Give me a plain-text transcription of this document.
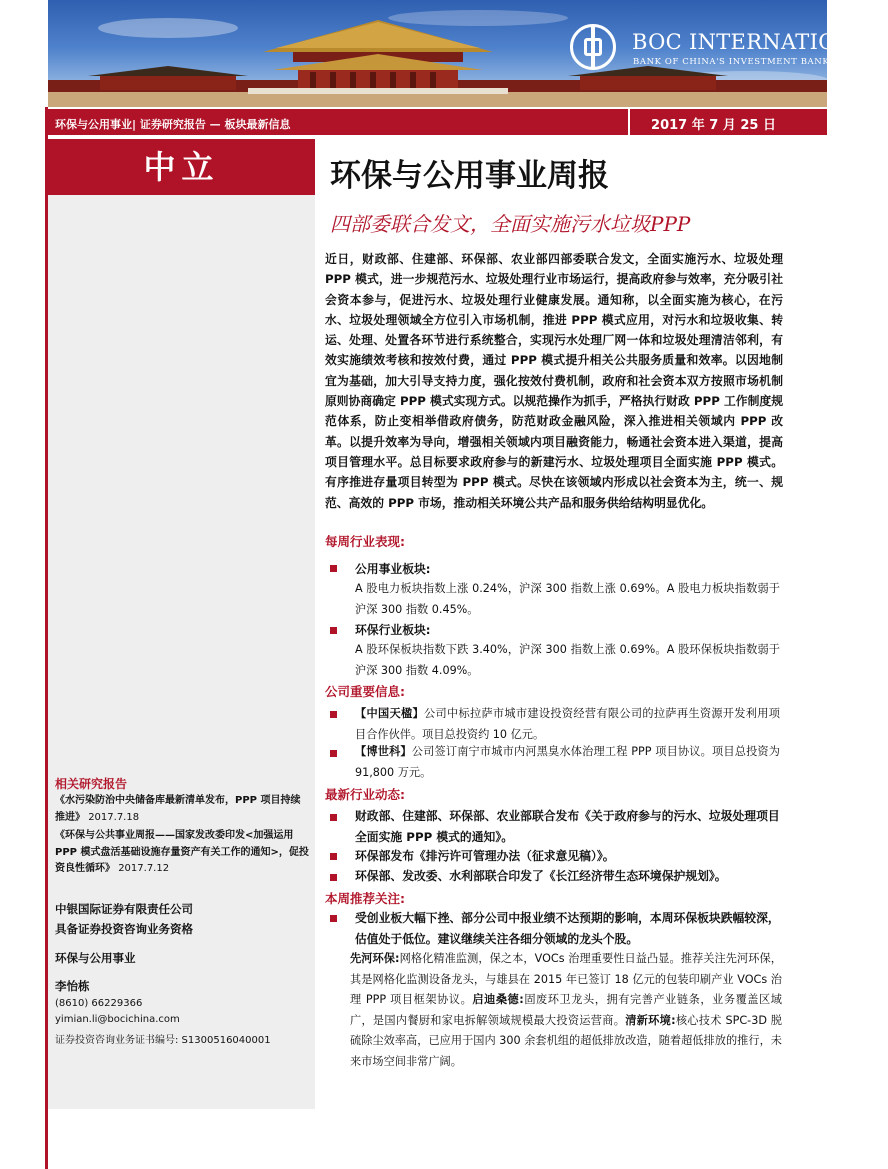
BOC INTERNATIONAL
BANK OF CHINA'S INVESTMENT BANKING GROUP
环保与公用事业| 证券研究报告 — 板块最新信息	2017 年 7 月 25 日
中立
相关研究报告

《水污染防治中央储备库最新清单发布，PPP 项目持续推进》 2017.7.18

《环保与公共事业周报——国家发改委印发<加强运用 PPP 模式盘活基础设施存量资产有关工作的通知>，促投资良性循环》 2017.7.12

中银国际证券有限责任公司
具备证券投资咨询业务资格
环保与公用事业
李怡栋
(8610) 66229366
yimian.li@bocichina.com
证券投资咨询业务证书编号: S1300516040001
环保与公用事业周报
四部委联合发文，全面实施污水垃圾PPP

近日，财政部、住建部、环保部、农业部四部委联合发文，全面实施污水、垃圾处理 PPP 模式，进一步规范污水、垃圾处理行业市场运行，提高政府参与效率，充分吸引社会资本参与，促进污水、垃圾处理行业健康发展。通知称，以全面实施为核心，在污水、垃圾处理领域全方位引入市场机制，推进 PPP 模式应用，对污水和垃圾收集、转运、处理、处置各环节进行系统整合，实现污水处理厂网一体和垃圾处理清洁邻利，有效实施绩效考核和按效付费，通过 PPP 模式提升相关公共服务质量和效率。以因地制宜为基础，加大引导支持力度，强化按效付费机制，政府和社会资本双方按照市场机制原则协商确定 PPP 模式实现方式。以规范操作为抓手，严格执行财政 PPP 工作制度规范体系，防止变相举借政府债务，防范财政金融风险，深入推进相关领域内 PPP 改革。以提升效率为导向，增强相关领域内项目融资能力，畅通社会资本进入渠道，提高项目管理水平。总目标要求政府参与的新建污水、垃圾处理项目全面实施 PPP 模式。有序推进存量项目转型为 PPP 模式。尽快在该领域内形成以社会资本为主，统一、规范、高效的 PPP 市场，推动相关环境公共产品和服务供给结构明显优化。

每周行业表现:
公用事业板块:

A 股电力板块指数上涨 0.24%，沪深 300 指数上涨 0.69%。A 股电力板块指数弱于沪深 300 指数 0.45%。

环保行业板块:

A 股环保板块指数下跌 3.40%，沪深 300 指数上涨 0.69%。A 股环保板块指数弱于沪深 300 指数 4.09%。

公司重要信息:

【中国天楹】公司中标拉萨市城市建设投资经营有限公司的拉萨再生资源开发利用项目合作伙伴。项目总投资约 10 亿元。

【博世科】公司签订南宁市城市内河黑臭水体治理工程 PPP 项目协议。项目总投资为 91,800 万元。

最新行业动态:

财政部、住建部、环保部、农业部联合发布《关于政府参与的污水、垃圾处理项目全面实施 PPP 模式的通知》。

环保部发布《排污许可管理办法（征求意见稿）》。

环保部、发改委、水利部联合印发了《长江经济带生态环境保护规划》。

本周推荐关注:

受创业板大幅下挫、部分公司中报业绩不达预期的影响，本周环保板块跌幅较深，估值处于低位。建议继续关注各细分领域的龙头个股。

先河环保:网格化精准监测，保之本，VOCs 治理重要性日益凸显。推荐关注先河环保，其是网格化监测设备龙头，与雄县在 2015 年已签订 18 亿元的包装印刷产业 VOCs 治理 PPP 项目框架协议。启迪桑德:固废环卫龙头，拥有完善产业链条，业务覆盖区域广，是国内餐厨和家电拆解领域规模最大投资运营商。清新环境:核心技术 SPC-3D 脱硫除尘效率高，已应用于国内 300 余套机组的超低排放改造，随着超低排放的推行，未来市场空间非常广阔。
